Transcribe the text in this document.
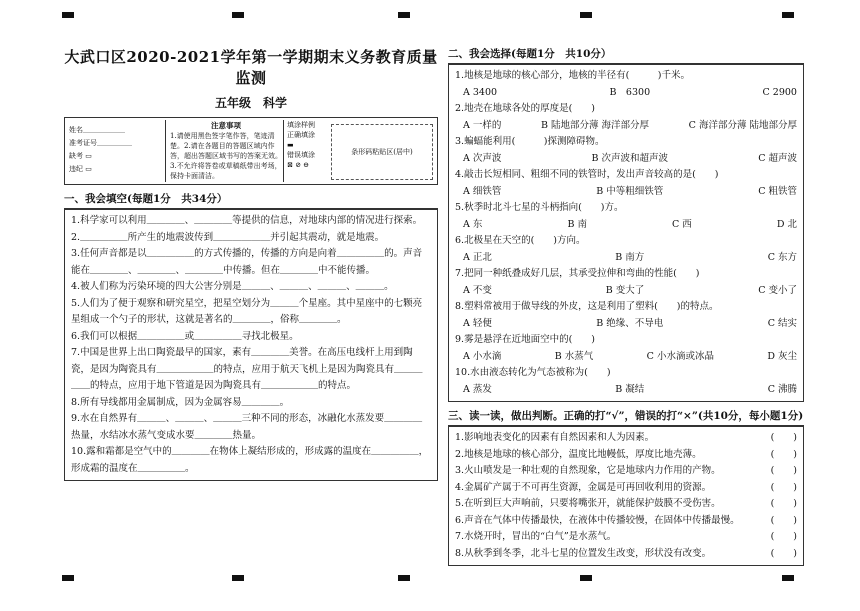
大武口区2020-2021学年第一学期期末义务教育质量监测
五年级　科学
姓名＿＿＿＿＿＿
准考证号＿＿＿＿＿
缺考 ▭
违纪 ▭
注意事项
1.请使用黑色签字笔作答，笔迹清楚。2.请在各题目的答题区域内作答，超出答题区域书写的答案无效。3.不允许将答卷或草稿纸带出考场，保持卡面清洁。
填涂样例
正确填涂
▬
错误填涂
⊠ ⊘ ⊖
条形码粘贴区(居中)
一、我会填空(每题1分　共34分）
1.科学家可以利用＿＿＿＿、＿＿＿＿等提供的信息，对地球内部的情况进行探索。
2.＿＿＿＿＿所产生的地震波传到＿＿＿＿＿＿并引起其震动，就是地震。
3.任何声音都是以＿＿＿＿＿的方式传播的，传播的方向是向着＿＿＿＿＿的。声音能在＿＿＿＿、＿＿＿＿、＿＿＿＿中传播。但在＿＿＿＿中不能传播。
4.被人们称为污染环境的四大公害分别是＿＿＿、＿＿＿、＿＿＿、＿＿＿。
5.人们为了便于观察和研究星空，把星空划分为＿＿＿个星座。其中星座中的七颗亮星组成一个勺子的形状，这就是著名的＿＿＿＿，俗称＿＿＿＿。
6.我们可以根据＿＿＿＿＿或＿＿＿＿＿寻找北极星。
7.中国是世界上出口陶瓷最早的国家，素有＿＿＿＿美誉。在高压电线杆上用到陶瓷，是因为陶瓷具有＿＿＿＿＿＿的特点，应用于航天飞机上是因为陶瓷具有＿＿＿＿＿的特点，应用于地下管道是因为陶瓷具有＿＿＿＿＿＿的特点。
8.所有导线都用金属制成，因为金属容易＿＿＿＿。
9.水在自然界有＿＿＿、＿＿＿、＿＿＿三种不同的形态，冰融化水蒸发要＿＿＿＿热量，水结冰水蒸气变成水要＿＿＿＿热量。
10.露和霜都是空气中的＿＿＿＿在物体上凝结形成的，形成露的温度在＿＿＿＿＿，形成霜的温度在＿＿＿＿＿。
二、我会选择(每题1分　共10分）
1.地核是地球的核心部分，地核的半径有(　　　)千米。
A 3400	B　6300	C 2900
2.地壳在地球各处的厚度是(　　)
A 一样的	B 陆地部分薄 海洋部分厚	C 海洋部分薄 陆地部分厚
3.蝙蝠能利用(　　　)探测障碍物。
A 次声波	B 次声波和超声波	C 超声波
4.敲击长短相同、粗细不同的铁管时，发出声音较高的是(　　)
A 细铁管	B 中等粗细铁管	C 粗铁管
5.秋季时北斗七星的斗柄指向(　　)方。
A 东	B 南	C 西	D 北
6.北极星在天空的(　　)方向。
A 正北	B 南方	C 东方
7.把同一种纸叠成好几层，其承受拉伸和弯曲的性能(　　)
A 不变	B 变大了	C 变小了
8.塑料常被用于做导线的外皮，这是利用了塑料(　　)的特点。
A 轻便	B 绝缘、不导电	C 结实
9.雾是悬浮在近地面空中的(　　)
A 小水滴	B 水蒸气	C 小水滴或冰晶	D 灰尘
10.水由液态转化为气态被称为(　　)
A 蒸发	B 凝结	C 沸腾
三、读一读，做出判断。正确的打“√”，错误的打“×”(共10分，每小题1分)
1.影响地表变化的因素有自然因素和人为因素。	(　　)
2.地核是地球的核心部分，温度比地幔低，厚度比地壳薄。	(　　)
3.火山喷发是一种壮观的自然现象，它是地球内力作用的产物。	(　　)
4.金属矿产属于不可再生资源，金属是可再回收利用的资源。	(　　)
5.在听到巨大声响前，只要将嘴张开，就能保护鼓膜不受伤害。	(　　)
6.声音在气体中传播最快，在液体中传播较慢，在固体中传播最慢。	(　　)
7.水烧开时，冒出的“白气”是水蒸气。	(　　)
8.从秋季到冬季，北斗七星的位置发生改变，形状没有改变。	(　　)
